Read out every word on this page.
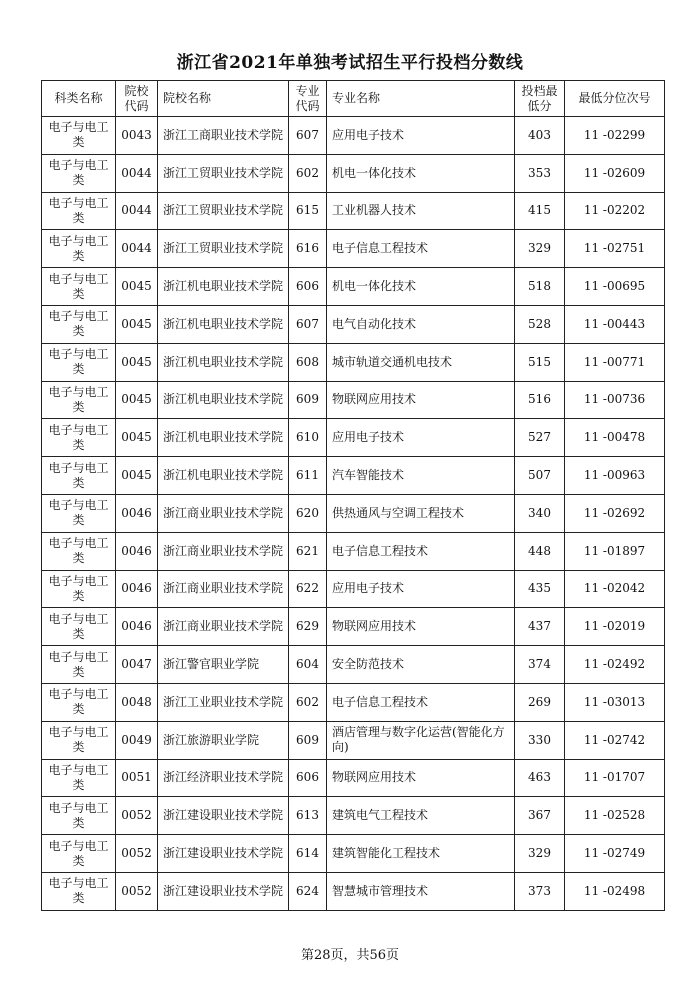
浙江省2021年单独考试招生平行投档分数线
科类名称	院校代码	院校名称	专业代码	专业名称	投档最低分	最低分位次号
电子与电工类	0043	浙江工商职业技术学院	607	应用电子技术	403	11 -02299
电子与电工类	0044	浙江工贸职业技术学院	602	机电一体化技术	353	11 -02609
电子与电工类	0044	浙江工贸职业技术学院	615	工业机器人技术	415	11 -02202
电子与电工类	0044	浙江工贸职业技术学院	616	电子信息工程技术	329	11 -02751
电子与电工类	0045	浙江机电职业技术学院	606	机电一体化技术	518	11 -00695
电子与电工类	0045	浙江机电职业技术学院	607	电气自动化技术	528	11 -00443
电子与电工类	0045	浙江机电职业技术学院	608	城市轨道交通机电技术	515	11 -00771
电子与电工类	0045	浙江机电职业技术学院	609	物联网应用技术	516	11 -00736
电子与电工类	0045	浙江机电职业技术学院	610	应用电子技术	527	11 -00478
电子与电工类	0045	浙江机电职业技术学院	611	汽车智能技术	507	11 -00963
电子与电工类	0046	浙江商业职业技术学院	620	供热通风与空调工程技术	340	11 -02692
电子与电工类	0046	浙江商业职业技术学院	621	电子信息工程技术	448	11 -01897
电子与电工类	0046	浙江商业职业技术学院	622	应用电子技术	435	11 -02042
电子与电工类	0046	浙江商业职业技术学院	629	物联网应用技术	437	11 -02019
电子与电工类	0047	浙江警官职业学院	604	安全防范技术	374	11 -02492
电子与电工类	0048	浙江工业职业技术学院	602	电子信息工程技术	269	11 -03013
电子与电工类	0049	浙江旅游职业学院	609	酒店管理与数字化运营(智能化方向)	330	11 -02742
电子与电工类	0051	浙江经济职业技术学院	606	物联网应用技术	463	11 -01707
电子与电工类	0052	浙江建设职业技术学院	613	建筑电气工程技术	367	11 -02528
电子与电工类	0052	浙江建设职业技术学院	614	建筑智能化工程技术	329	11 -02749
电子与电工类	0052	浙江建设职业技术学院	624	智慧城市管理技术	373	11 -02498
第28页，共56页
